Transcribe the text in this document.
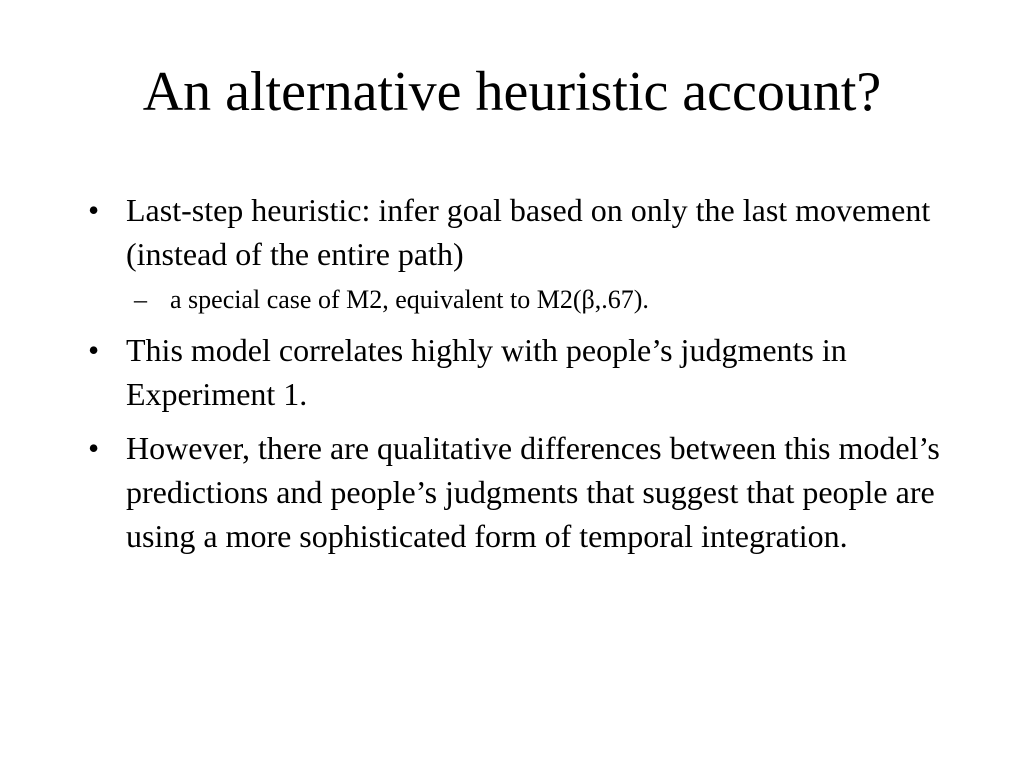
An alternative heuristic account?
• Last-step heuristic: infer goal based on only the last movement (instead of the entire path)
– a special case of M2, equivalent to M2(β,.67).
• This model correlates highly with people’s judgments in Experiment 1.
• However, there are qualitative differences between this model’s predictions and people’s judgments that suggest that people are using a more sophisticated form of temporal integration.
